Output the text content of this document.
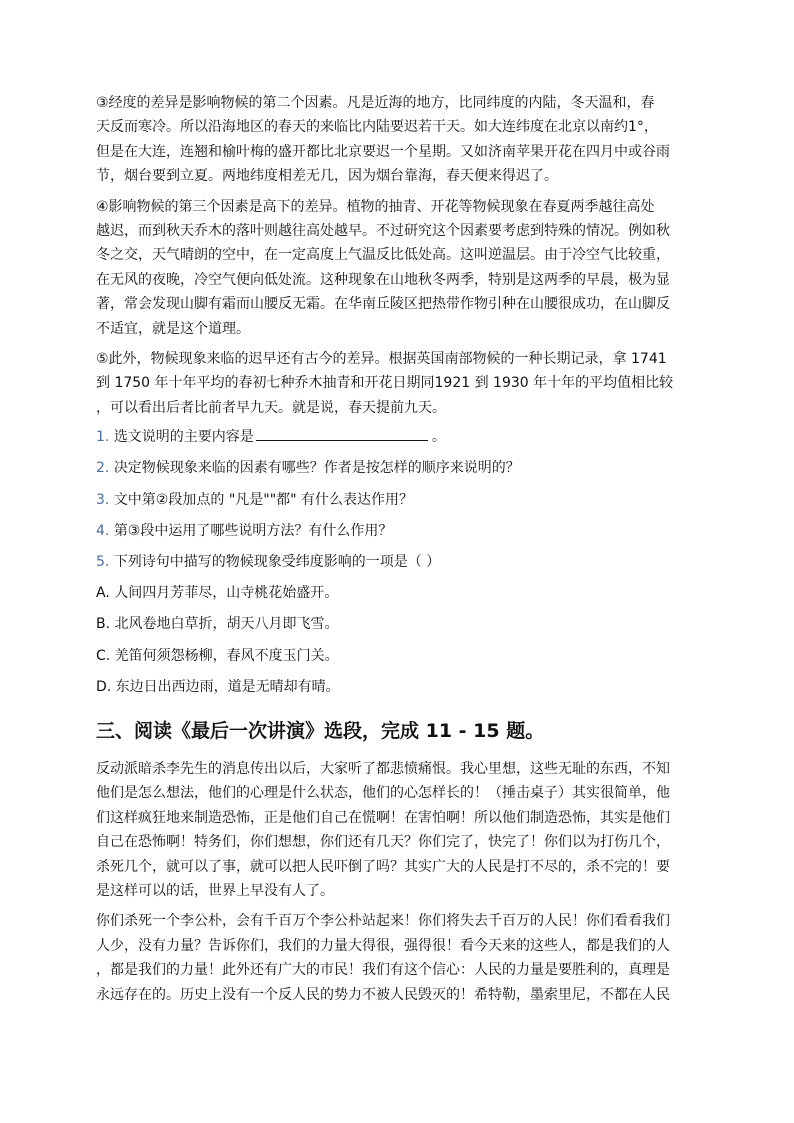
③经度的差异是影响物候的第二个因素。凡是近海的地方，比同纬度的内陆，冬天温和，春
天反而寒冷。所以沿海地区的春天的来临比内陆要迟若干天。如大连纬度在北京以南约1°，
但是在大连，连翘和榆叶梅的盛开都比北京要迟一个星期。又如济南苹果开花在四月中或谷雨
节，烟台要到立夏。两地纬度相差无几，因为烟台靠海，春天便来得迟了。
④影响物候的第三个因素是高下的差异。植物的抽青、开花等物候现象在春夏两季越往高处
越迟，而到秋天乔木的落叶则越往高处越早。不过研究这个因素要考虑到特殊的情况。例如秋
冬之交，天气晴朗的空中，在一定高度上气温反比低处高。这叫逆温层。由于冷空气比较重，
在无风的夜晚，冷空气便向低处流。这种现象在山地秋冬两季，特别是这两季的早晨，极为显
著，常会发现山脚有霜而山腰反无霜。在华南丘陵区把热带作物引种在山腰很成功，在山脚反
不适宜，就是这个道理。
⑤此外，物候现象来临的迟早还有古今的差异。根据英国南部物候的一种长期记录，拿 1741
到 1750 年十年平均的春初七种乔木抽青和开花日期同1921 到 1930 年十年的平均值相比较
，可以看出后者比前者早九天。就是说，春天提前九天。

1. 选文说明的主要内容是	。

2. 决定物候现象来临的因素有哪些？作者是按怎样的顺序来说明的？

3. 文中第②段加点的 "凡是""都" 有什么表达作用？

4. 第③段中运用了哪些说明方法？有什么作用？

5. 下列诗句中描写的物候现象受纬度影响的一项是（ ）

A. 人间四月芳菲尽，山寺桃花始盛开。

B. 北风卷地白草折，胡天八月即飞雪。

C. 羌笛何须怨杨柳，春风不度玉门关。

D. 东边日出西边雨，道是无晴却有晴。

三、阅读《最后一次讲演》选段，完成 11 - 15 题。
反动派暗杀李先生的消息传出以后，大家听了都悲愤痛恨。我心里想，这些无耻的东西，不知
他们是怎么想法，他们的心理是什么状态，他们的心怎样长的！（捶击桌子）其实很简单，他
们这样疯狂地来制造恐怖，正是他们自己在慌啊！在害怕啊！所以他们制造恐怖，其实是他们
自己在恐怖啊！特务们，你们想想，你们还有几天？你们完了，快完了！你们以为打伤几个，
杀死几个，就可以了事，就可以把人民吓倒了吗？其实广大的人民是打不尽的，杀不完的！要
是这样可以的话，世界上早没有人了。
你们杀死一个李公朴，会有千百万个李公朴站起来！你们将失去千百万的人民！你们看看我们
人少，没有力量？告诉你们，我们的力量大得很，强得很！看今天来的这些人，都是我们的人
，都是我们的力量！此外还有广大的市民！我们有这个信心：人民的力量是要胜利的，真理是
永远存在的。历史上没有一个反人民的势力不被人民毁灭的！希特勒，墨索里尼，不都在人民
